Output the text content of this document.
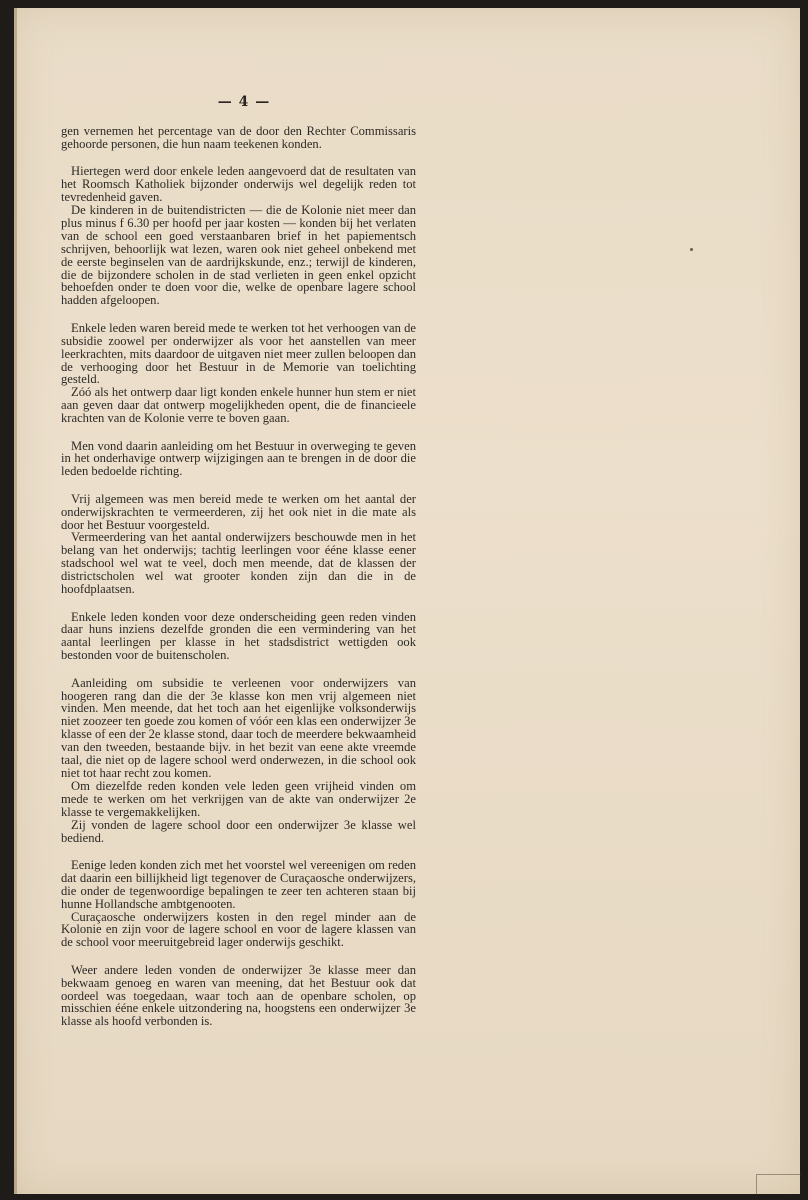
— 4 —

gen vernemen het percentage van de door den Rechter Commissaris gehoorde personen, die hun naam teekenen konden.

Hiertegen werd door enkele leden aangevoerd dat de resultaten van het Roomsch Katholiek bijzonder onderwijs wel degelijk reden tot tevredenheid gaven.

De kinderen in de buitendistricten — die de Kolonie niet meer dan plus minus f 6.30 per hoofd per jaar kosten — konden bij het verlaten van de school een goed verstaanbaren brief in het papiementsch schrijven, behoorlijk wat lezen, waren ook niet geheel onbekend met de eerste beginselen van de aardrijkskunde, enz.; terwijl de kinderen, die de bijzondere scholen in de stad verlieten in geen enkel opzicht behoefden onder te doen voor die, welke de openbare lagere school hadden afgeloopen.

Enkele leden waren bereid mede te werken tot het verhoogen van de subsidie zoowel per onderwijzer als voor het aanstellen van meer leerkrachten, mits daardoor de uitgaven niet meer zullen beloopen dan de verhooging door het Bestuur in de Memorie van toelichting gesteld.

Zóó als het ontwerp daar ligt konden enkele hunner hun stem er niet aan geven daar dat ontwerp mogelijkheden opent, die de financieele krachten van de Kolonie verre te boven gaan.

Men vond daarin aanleiding om het Bestuur in overweging te geven in het onderhavige ontwerp wijzigingen aan te brengen in de door die leden bedoelde richting.

Vrij algemeen was men bereid mede te werken om het aantal der onderwijskrachten te vermeerderen, zij het ook niet in die mate als door het Bestuur voorgesteld.

Vermeerdering van het aantal onderwijzers beschouwde men in het belang van het onderwijs; tachtig leerlingen voor ééne klasse eener stadschool wel wat te veel, doch men meende, dat de klassen der districtscholen wel wat grooter konden zijn dan die in de hoofdplaatsen.

Enkele leden konden voor deze onderscheiding geen reden vinden daar huns inziens dezelfde gronden die een vermindering van het aantal leerlingen per klasse in het stadsdistrict wettigden ook bestonden voor de buitenscholen.

Aanleiding om subsidie te verleenen voor onderwijzers van hoogeren rang dan die der 3e klasse kon men vrij algemeen niet vinden. Men meende, dat het toch aan het eigenlijke volksonderwijs niet zoozeer ten goede zou komen of vóór een klas een onderwijzer 3e klasse of een der 2e klasse stond, daar toch de meerdere bekwaamheid van den tweeden, bestaande bijv. in het bezit van eene akte vreemde taal, die niet op de lagere school werd onderwezen, in die school ook niet tot haar recht zou komen.

Om diezelfde reden konden vele leden geen vrijheid vinden om mede te werken om het verkrijgen van de akte van onderwijzer 2e klasse te vergemakkelijken.

Zij vonden de lagere school door een onderwijzer 3e klasse wel bediend.

Eenige leden konden zich met het voorstel wel vereenigen om reden dat daarin een billijkheid ligt tegenover de Curaçaosche onderwijzers, die onder de tegenwoordige bepalingen te zeer ten achteren staan bij hunne Hollandsche ambtgenooten.

Curaçaosche onderwijzers kosten in den regel minder aan de Kolonie en zijn voor de lagere school en voor de lagere klassen van de school voor meeruitgebreid lager onderwijs geschikt.

Weer andere leden vonden de onderwijzer 3e klasse meer dan bekwaam genoeg en waren van meening, dat het Bestuur ook dat oordeel was toegedaan, waar toch aan de openbare scholen, op misschien ééne enkele uitzondering na, hoogstens een onderwijzer 3e klasse als hoofd verbonden is.
